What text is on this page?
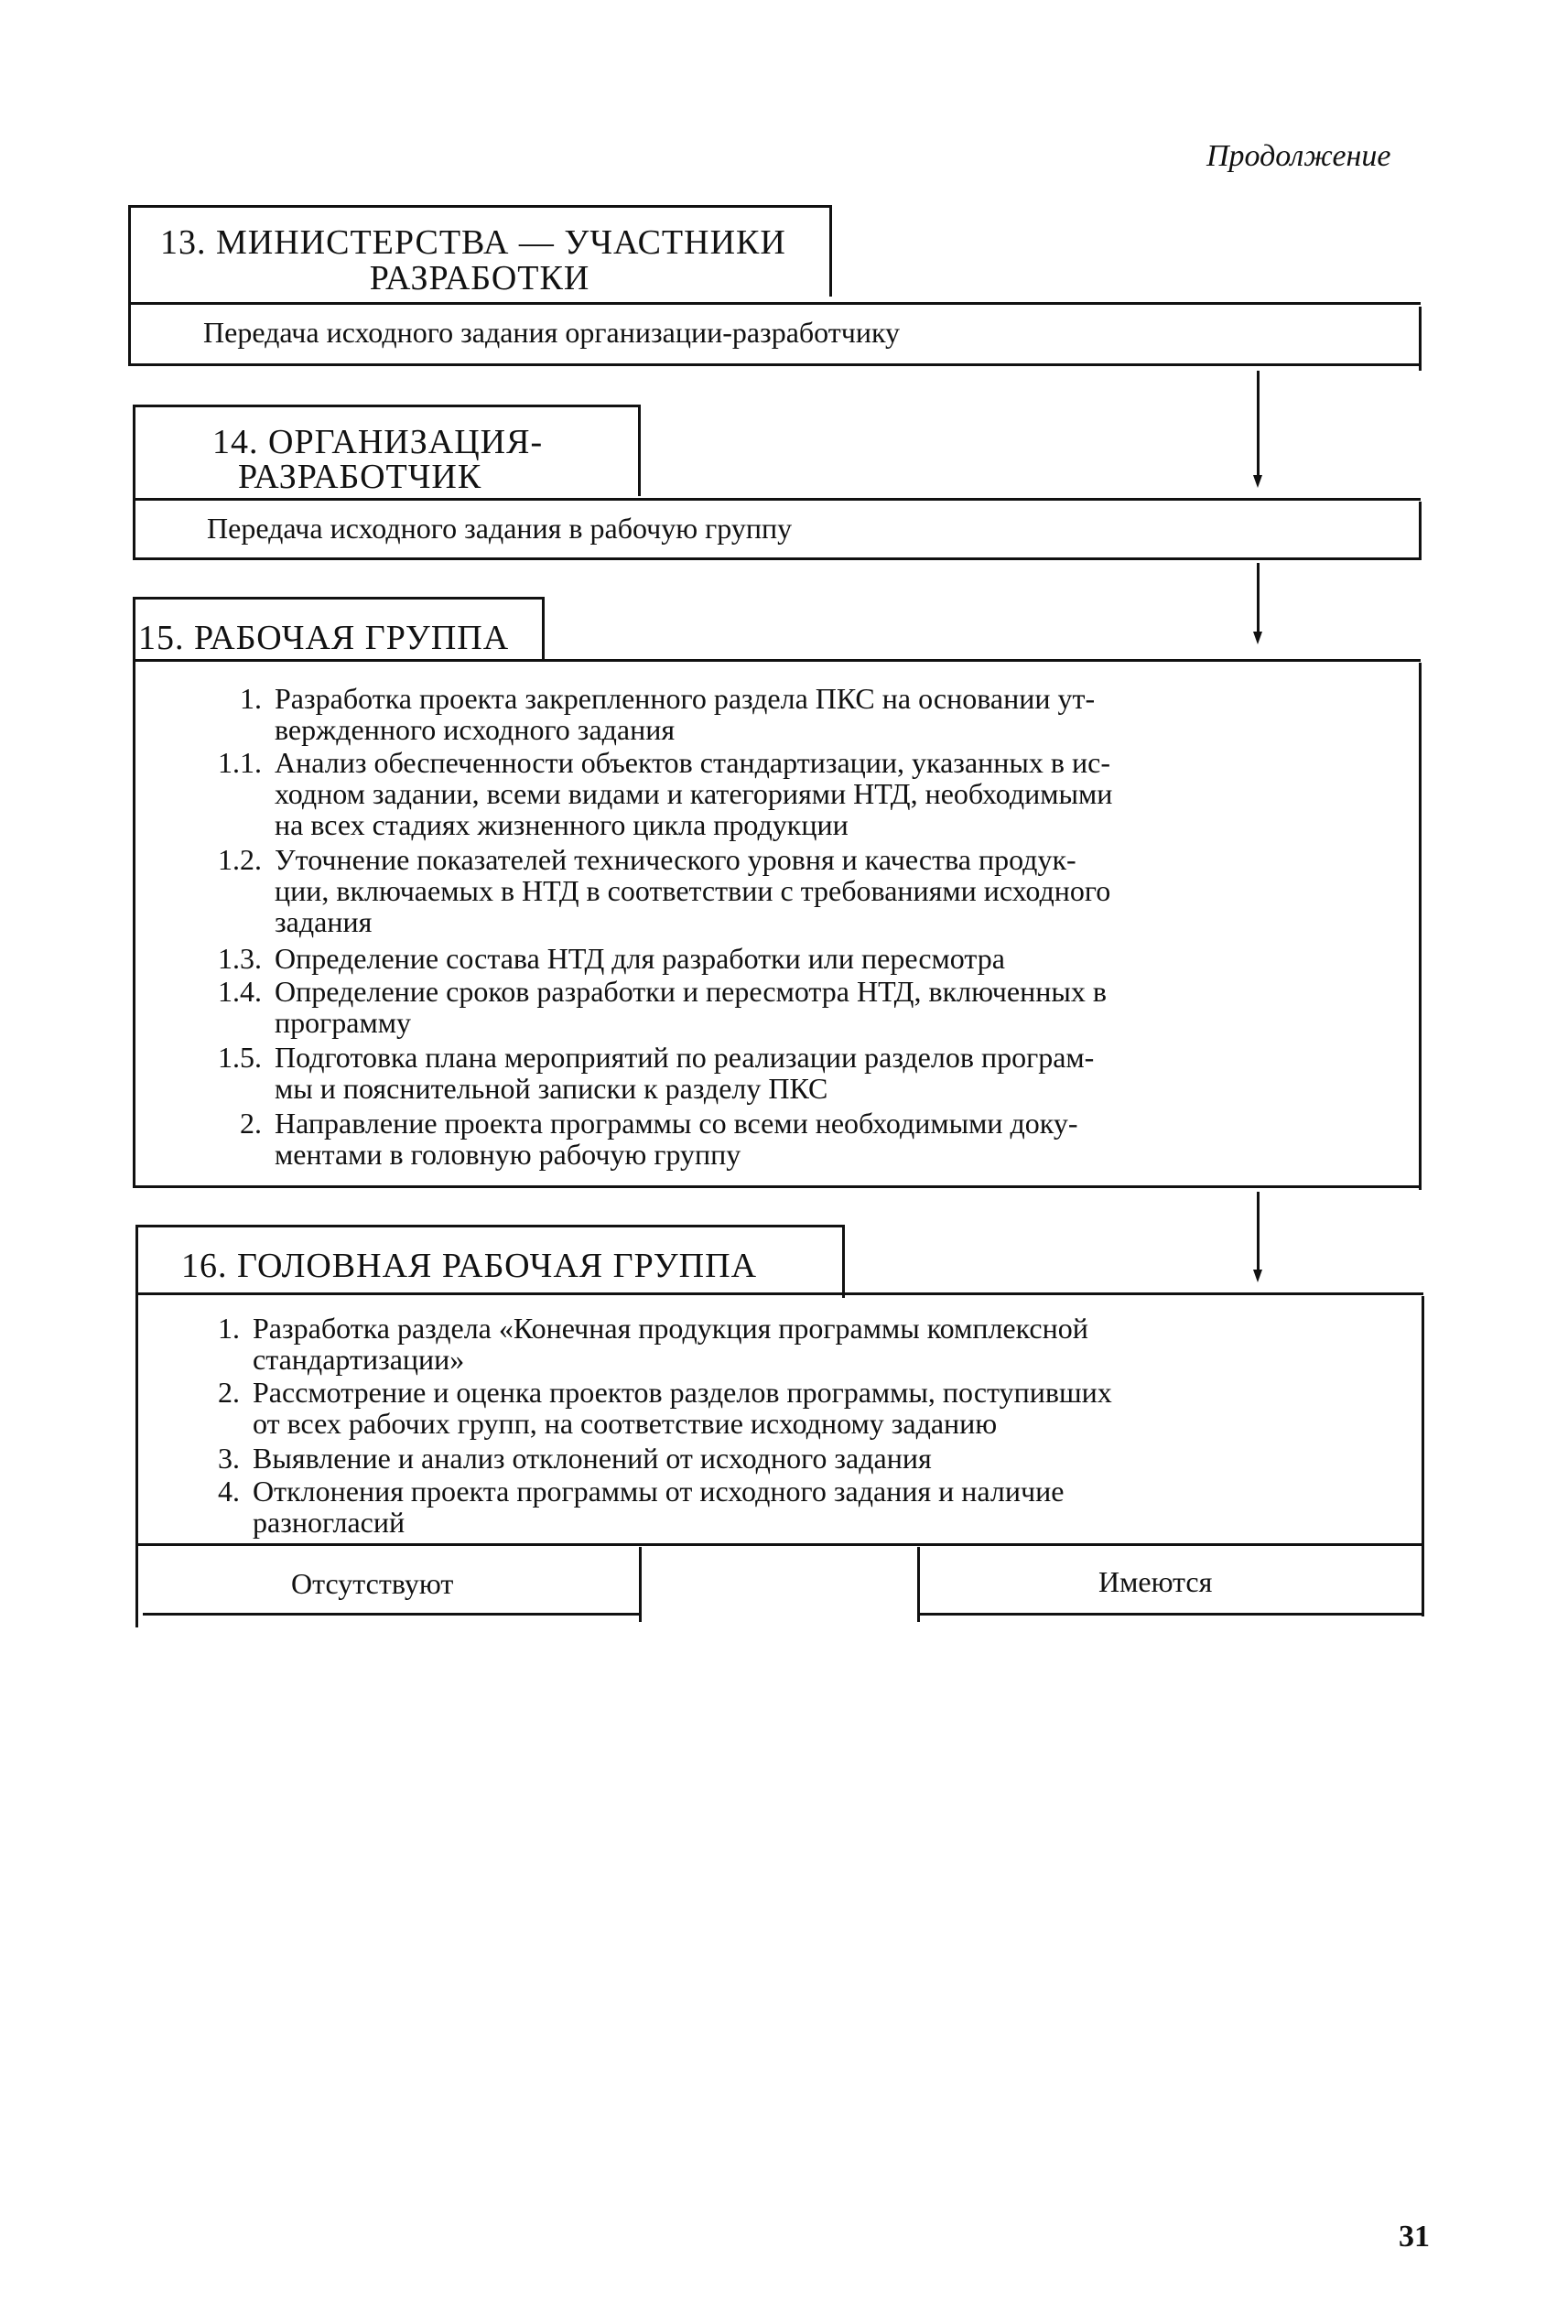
Продолжение
13. МИНИСТЕРСТВА — УЧАСТНИКИ
РАЗРАБОТКИ
Передача исходного задания организации-разработчику
14. ОРГАНИЗАЦИЯ-
РАЗРАБОТЧИК
Передача исходного задания в рабочую группу
15. РАБОЧАЯ ГРУППА
1. Разработка проекта закрепленного раздела ПКС на основании ут-
вержденного исходного задания
1.1. Анализ обеспеченности объектов стандартизации, указанных в ис-
ходном задании, всеми видами и категориями НТД, необходимыми
на всех стадиях жизненного цикла продукции
1.2. Уточнение показателей технического уровня и качества продук-
ции, включаемых в НТД в соответствии с требованиями исходного
задания
1.3. Определение состава НТД для разработки или пересмотра
1.4. Определение сроков разработки и пересмотра НТД, включенных в
программу
1.5. Подготовка плана мероприятий по реализации разделов програм-
мы и пояснительной записки к разделу ПКС
2. Направление проекта программы со всеми необходимыми доку-
ментами в головную рабочую группу
16. ГОЛОВНАЯ РАБОЧАЯ ГРУППА
1. Разработка раздела «Конечная продукция программы комплексной
стандартизации»
2. Рассмотрение и оценка проектов разделов программы, поступивших
от всех рабочих групп, на соответствие исходному заданию
3. Выявление и анализ отклонений от исходного задания
4. Отклонения проекта программы от исходного задания и наличие
разногласий
Отсутствуют	Имеются
31
